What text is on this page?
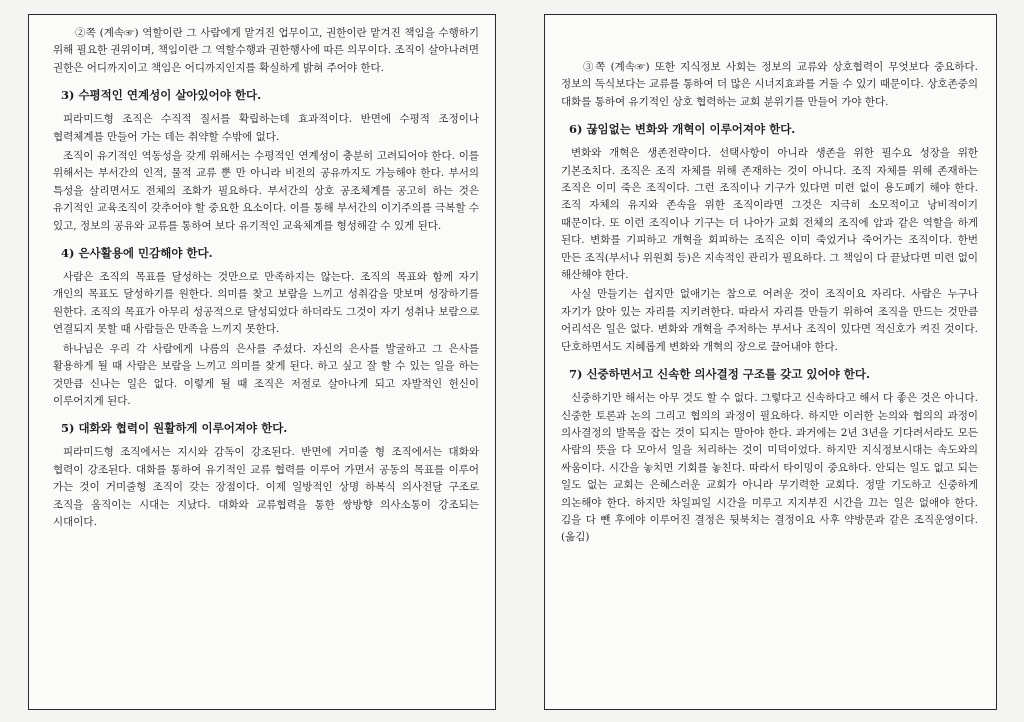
②쪽 (계속☞) 역할이란 그 사람에게 맡겨진 업무이고, 권한이란 맡겨진 책임을 수행하기 위해 필요한 권위이며, 책임이란 그 역할수행과 권한행사에 따른 의무이다. 조직이 살아나려면 권한은 어디까지이고 책임은 어디까지인지를 확실하게 밝혀 주어야 한다.

3) 수평적인 연계성이 살아있어야 한다.

피라미드형 조직은 수직적 질서를 확립하는데 효과적이다. 반면에 수평적 조정이나 협력체계를 만들어 가는 데는 취약할 수밖에 없다.

조직이 유기적인 역동성을 갖게 위해서는 수평적인 연계성이 충분히 고려되어야 한다. 이를 위해서는 부서간의 인적, 물적 교류 뿐 만 아니라 비전의 공유까지도 가능해야 한다. 부서의 특성을 살리면서도 전체의 조화가 필요하다. 부서간의 상호 공조체계를 공고히 하는 것은 유기적인 교육조직이 갖추어야 할 중요한 요소이다. 이를 통해 부서간의 이기주의를 극복할 수 있고, 정보의 공유와 교류를 통하여 보다 유기적인 교육체계를 형성해갈 수 있게 된다.

4) 은사활용에 민감해야 한다.

사람은 조직의 목표를 달성하는 것만으로 만족하지는 않는다. 조직의 목표와 함께 자기 개인의 목표도 달성하기를 원한다. 의미를 찾고 보람을 느끼고 성취감을 맛보며 성장하기를 원한다. 조직의 목표가 아무리 성공적으로 달성되었다 하더라도 그것이 자기 성취나 보람으로 연결되지 못할 때 사람들은 만족을 느끼지 못한다.

하나님은 우리 각 사람에게 나름의 은사를 주셨다. 자신의 은사를 발굴하고 그 은사를 활용하게 될 때 사람은 보람을 느끼고 의미를 찾게 된다. 하고 싶고 잘 할 수 있는 일을 하는 것만큼 신나는 일은 없다. 이렇게 될 때 조직은 저절로 살아나게 되고 자발적인 헌신이 이루어지게 된다.

5) 대화와 협력이 원활하게 이루어져야 한다.

피라미드형 조직에서는 지시와 감독이 강조된다. 반면에 거미줄 형 조직에서는 대화와 협력이 강조된다. 대화를 통하여 유기적인 교류 협력를 이루어 가면서 공동의 목표를 이루어 가는 것이 거미줄형 조직이 갖는 장점이다. 이제 일방적인 상명 하복식 의사전달 구조로 조직을 움직이는 시대는 지났다. 대화와 교류협력을 통한 쌍방향 의사소통이 강조되는 시대이다.

③쪽 (계속☞) 또한 지식정보 사회는 정보의 교류와 상호협력이 무엇보다 중요하다. 정보의 독식보다는 교류를 통하여 더 많은 시너지효과를 거둘 수 있기 때문이다. 상호존중의 대화를 통하여 유기적인 상호 협력하는 교회 분위기를 만들어 가야 한다.

6) 끊임없는 변화와 개혁이 이루어져야 한다.

변화와 개혁은 생존전략이다. 선택사항이 아니라 생존을 위한 필수요 성장을 위한 기본조치다. 조직은 조직 자체를 위해 존재하는 것이 아니다. 조직 자체를 위해 존재하는 조직은 이미 죽은 조직이다. 그런 조직이나 기구가 있다면 미련 없이 용도폐기 해야 한다. 조직 자체의 유지와 존속을 위한 조직이라면 그것은 지극히 소모적이고 낭비적이기 때문이다. 또 이런 조직이나 기구는 더 나아가 교회 전체의 조직에 암과 같은 역할을 하게 된다. 변화를 기피하고 개혁을 회피하는 조직은 이미 죽었거나 죽어가는 조직이다. 한번 만든 조직(부서나 위원회 등)은 지속적인 관리가 필요하다. 그 책임이 다 끝났다면 미련 없이 해산해야 한다.

사실 만들기는 쉽지만 없애기는 참으로 어려운 것이 조직이요 자리다. 사람은 누구나 자기가 앉아 있는 자리를 지키려한다. 따라서 자리를 만들기 위하여 조직을 만드는 것만큼 어리석은 일은 없다. 변화와 개혁을 주저하는 부서나 조직이 있다면 적신호가 켜진 것이다. 단호하면서도 지혜롭게 변화와 개혁의 장으로 끌어내야 한다.

7) 신중하면서고 신속한 의사결정 구조를 갖고 있어야 한다.

신중하기만 해서는 아무 것도 할 수 없다. 그렇다고 신속하다고 해서 다 좋은 것은 아니다. 신중한 토론과 논의 그리고 협의의 과정이 필요하다. 하지만 이러한 논의와 협의의 과정이 의사결정의 발목을 잡는 것이 되지는 말아야 한다. 과거에는 2년 3년을 기다려서라도 모든 사람의 뜻을 다 모아서 일을 처리하는 것이 미덕이었다. 하지만 지식정보시대는 속도와의 싸움이다. 시간을 놓치면 기회를 놓친다. 따라서 타이밍이 중요하다. 안되는 일도 없고 되는 일도 없는 교회는 은혜스러운 교회가 아니라 무기력한 교회다. 정말 기도하고 신중하게 의논해야 한다. 하지만 차일피일 시간을 미루고 지지부진 시간을 끄는 일은 없애야 한다. 김을 다 뺀 후에야 이루어진 결정은 뒷북치는 결정이요 사후 약방문과 같은 조직운영이다. (옮김)
